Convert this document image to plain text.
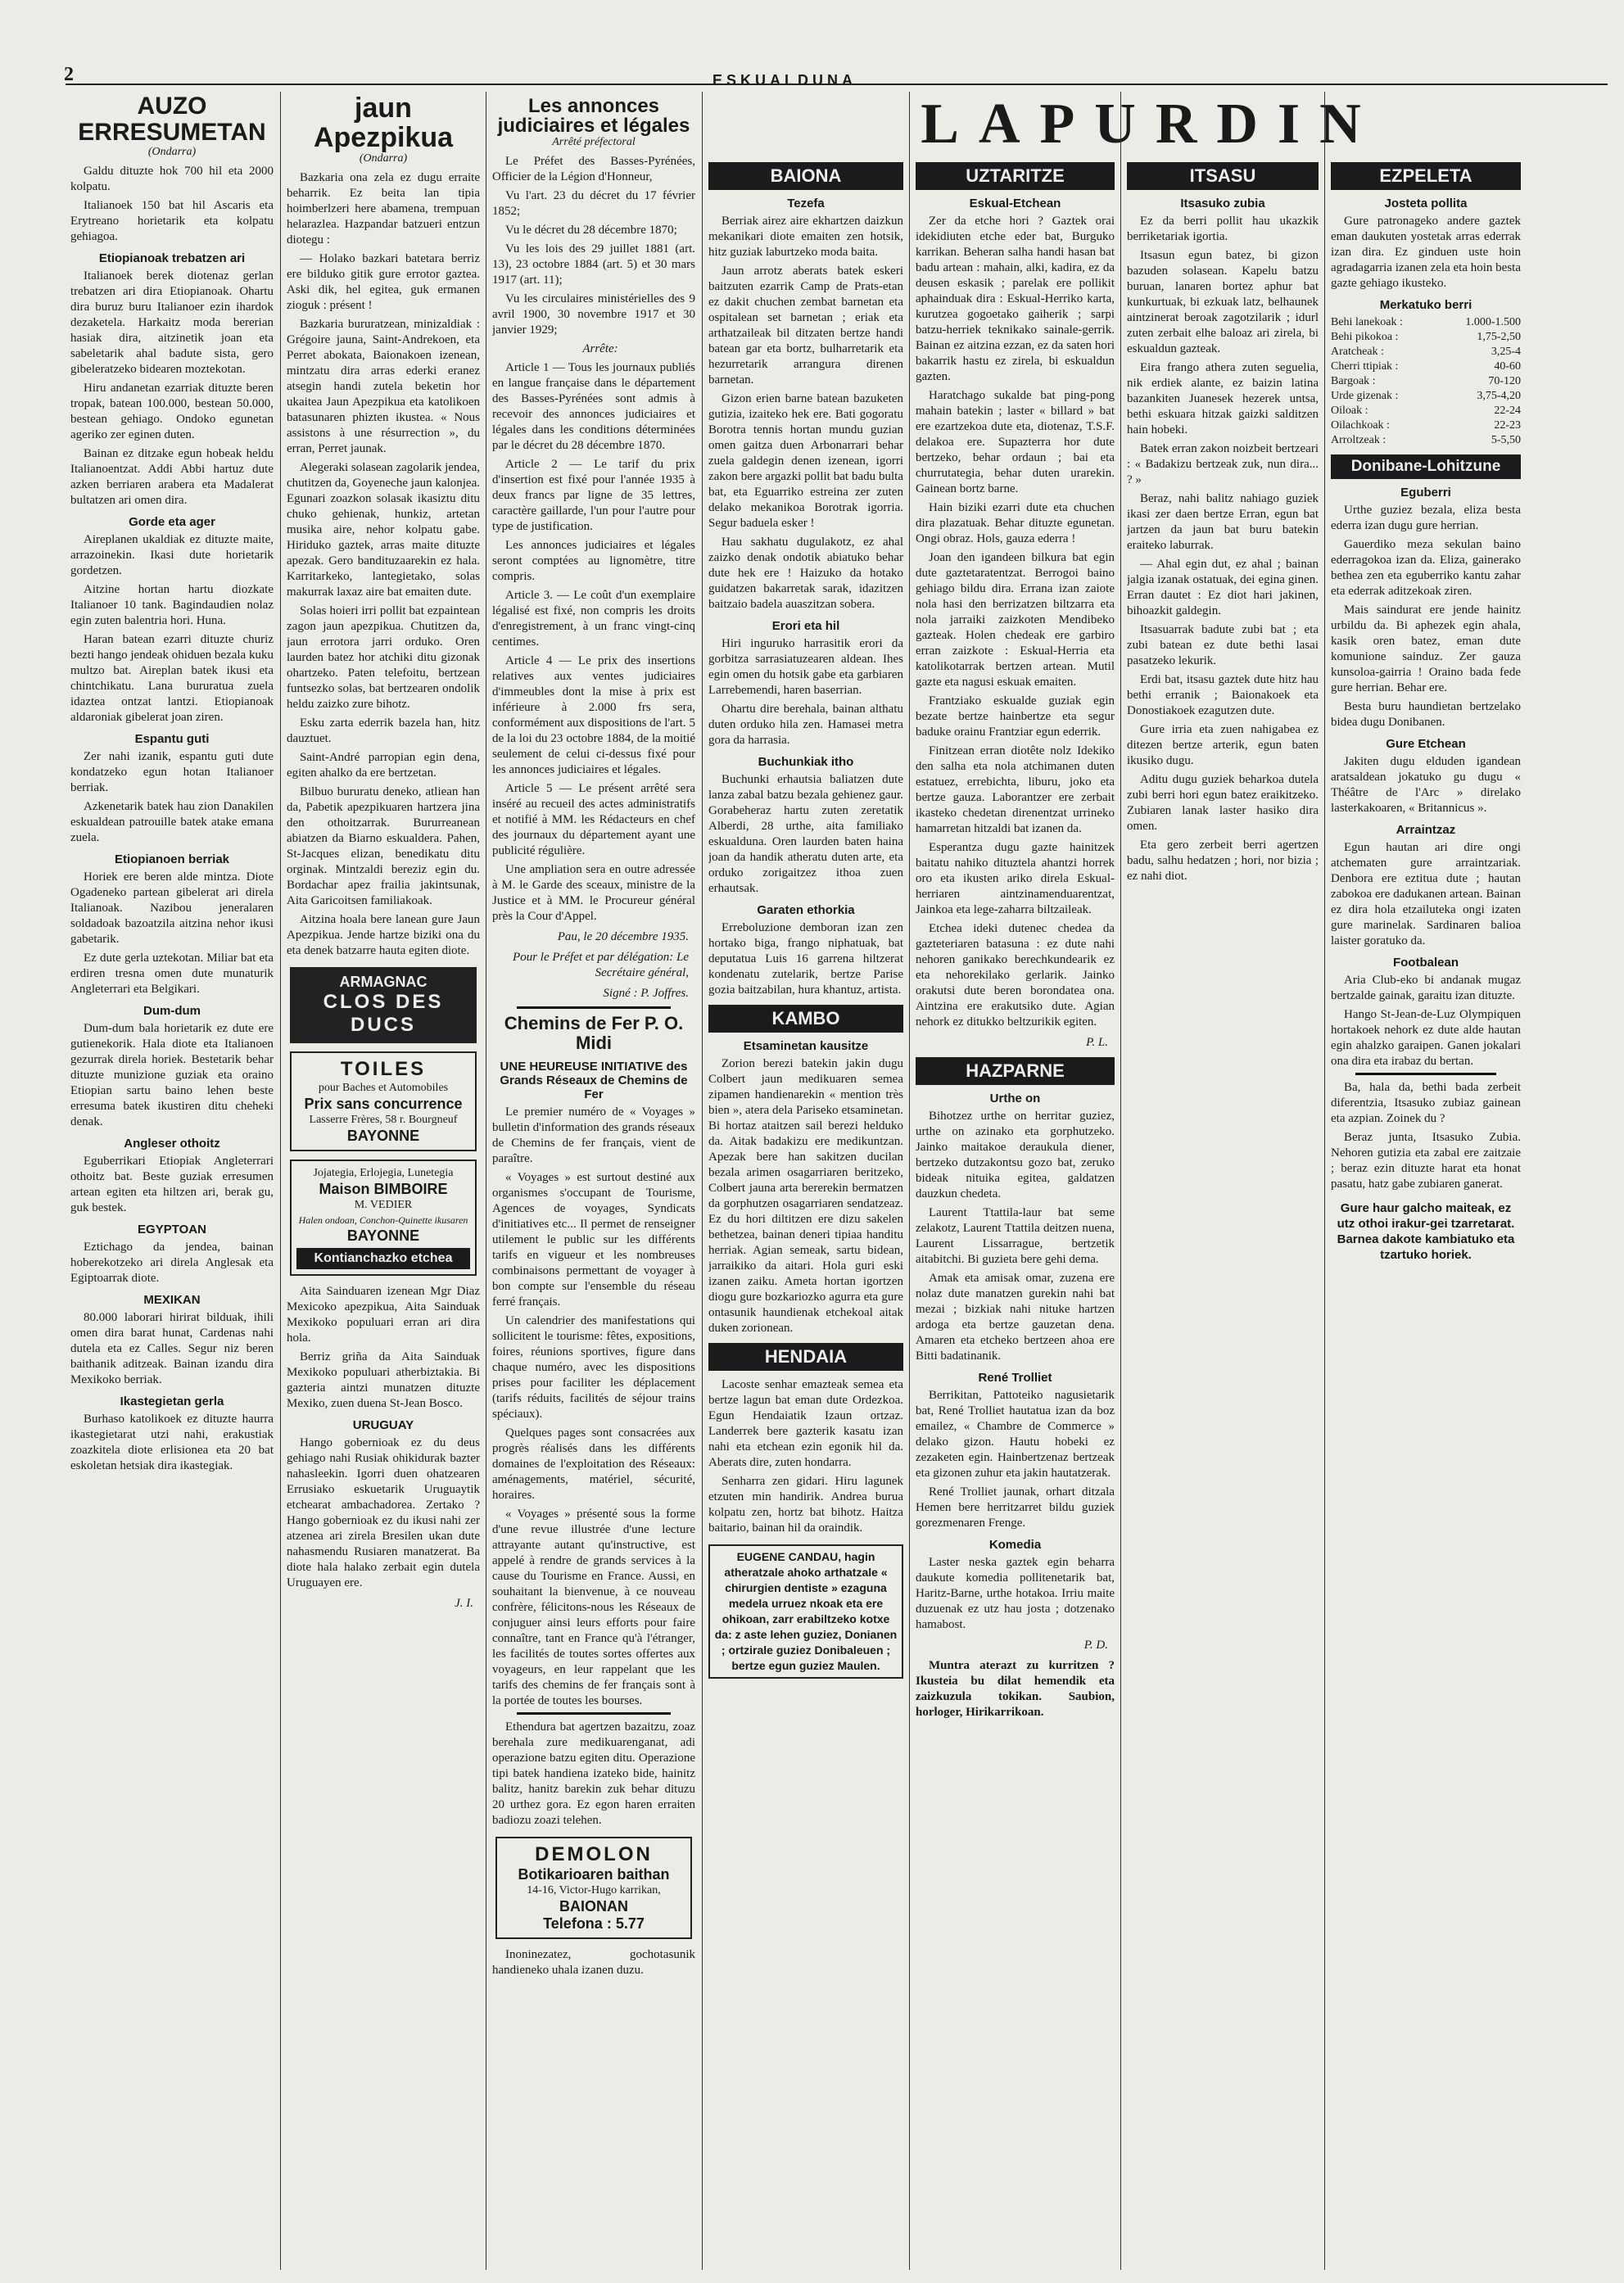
2	ESKUALDUNA
LAPURDIN
AUZO ERRESUMETAN
(Ondarra)

Galdu dituzte hok 700 hil eta 2000 kolpatu.

Italianoek 150 bat hil Ascaris eta Erytreano horietarik eta kolpatu gehiagoa.

Etiopianoak trebatzen ari

Italianoek berek diotenaz gerlan trebatzen ari dira Etiopianoak. Ohartu dira buruz buru Italianoer ezin ihardok dezaketela. Harkaitz moda bererian hasiak dira, aitzinetik joan eta sabeletarik ahal badute sista, gero gibeleratzeko bidearen moztekotan.

Hiru andanetan ezarriak dituzte beren tropak, batean 100.000, bestean 50.000, bestean gehiago. Ondoko egunetan ageriko zer eginen duten.

Bainan ez ditzake egun hobeak heldu Italianoentzat. Addi Abbi hartuz dute azken berriaren arabera eta Madalerat bultatzen ari omen dira.

Gorde eta ager

Aireplanen ukaldiak ez dituzte maite, arrazoinekin. Ikasi dute horietarik gordetzen.

Aitzine hortan hartu diozkate Italianoer 10 tank. Bagindaudien nolaz egin zuten balentria hori. Huna.

Haran batean ezarri dituzte churiz bezti hango jendeak ohiduen bezala kuku multzo bat. Aireplan batek ikusi eta chintchikatu. Lana bururatua zuela idaztea ontzat lantzi. Etiopianoak aldaroniak gibelerat joan ziren.

Espantu guti

Zer nahi izanik, espantu guti dute kondatzeko egun hotan Italianoer berriak.

Azkenetarik batek hau zion Danakilen eskualdean patrouille batek atake emana zuela.

Etiopianoen berriak

Horiek ere beren alde mintza. Diote Ogadeneko partean gibelerat ari direla Italianoak. Nazibou jeneralaren soldadoak bazoatzila aitzina nehor ikusi gabetarik.

Ez dute gerla uztekotan. Miliar bat eta erdiren tresna omen dute munaturik Angleterrari eta Belgikari.

Dum-dum

Dum-dum bala horietarik ez dute ere gutienekorik. Hala diote eta Italianoen gezurrak direla horiek. Bestetarik behar dituzte munizione guziak eta oraino Etiopian sartu baino lehen beste erresuma batek ikustiren ditu cheheki denak.

Angleser othoitz

Eguberrikari Etiopiak Angleterrari othoitz bat. Beste guziak erresumen artean egiten eta hiltzen ari, berak gu, guk bestek.

EGYPTOAN

Eztichago da jendea, bainan hoberekotzeko ari direla Anglesak eta Egiptoarrak diote.

MEXIKAN

80.000 laborari hirirat bilduak, ihili omen dira barat hunat, Cardenas nahi dutela eta ez Calles. Segur niz beren baithanik aditzeak. Bainan izandu dira Mexikoko berriak.

Ikastegietan gerla

Burhaso katolikoek ez dituzte haurra ikastegietarat utzi nahi, erakustiak zoazkitela diote erlisionea eta 20 bat eskoletan hetsiak dira ikastegiak.

jaun Apezpikua
(Ondarra)

Bazkaria ona zela ez dugu erraite beharrik. Ez beita lan tipia hoimberlzeri here abamena, trempuan helarazlea. Hazpandar batzueri entzun diotegu :

— Holako bazkari batetara berriz ere bilduko gitik gure errotor gaztea. Aski dik, hel egitea, guk ermanen zioguk : présent !

Bazkaria bururatzean, minizaldiak : Grégoire jauna, Saint-Andrekoen, eta Perret abokata, Baionakoen izenean, mintzatu dira arras ederki eranez atsegin handi zutela beketin hor ukaitea Jaun Apezpikua eta katolikoen batasunaren phizten ikustea. « Nous assistons à une résurrection », du erran, Perret jaunak.

Alegeraki solasean zagolarik jendea, chutitzen da, Goyeneche jaun kalonjea. Egunari zoazkon solasak ikasiztu ditu chuko gehienak, hunkiz, artetan musika aire, nehor kolpatu gabe. Hiriduko gaztek, arras maite dituzte apezak. Gero bandituzaarekin ez hala. Karritarkeko, lantegietako, solas makurrak laxaz aire bat emaiten dute.

Solas hoieri irri pollit bat ezpaintean zagon jaun apezpikua. Chutitzen da, jaun errotora jarri orduko. Oren laurden batez hor atchiki ditu gizonak ohartzeko. Paten telefoitu, bertzean funtsezko solas, bat bertzearen ondolik heldu zaizko zure bihotz.

Esku zarta ederrik bazela han, hitz dauztuet.

Saint-André parropian egin dena, egiten ahalko da ere bertzetan.

Bilbuo bururatu deneko, atliean han da, Pabetik apezpikuaren hartzera jina den othoitzarrak. Bururreanean abiatzen da Biarno eskualdera. Pahen, St-Jacques elizan, benedikatu ditu orginak. Mintzaldi bereziz egin du. Bordachar apez frailia jakintsunak, Aita Garicoitsen familiakoak.

Aitzina hoala bere lanean gure Jaun Apezpikua. Jende hartze biziki ona du eta denek batzarre hauta egiten diote.

ARMAGNAC
CLOS DES DUCS
TOILES
pour Baches et Automobiles
Prix sans concurrence
Lasserre Frères, 58 r. Bourgneuf
BAYONNE
Jojategia, Erlojegia, Lunetegia
Maison BIMBOIRE
M. VEDIER
Halen ondoan, Conchon-Quinette ikusaren
BAYONNE
Kontianchazko etchea

Aita Sainduaren izenean Mgr Diaz Mexicoko apezpikua, Aita Sainduak Mexikoko populuari erran ari dira hola.

Berriz griña da Aita Sainduak Mexikoko populuari atherbiztakia. Bi gazteria aintzi munatzen dituzte Mexiko, zuen duena St-Jean Bosco.

URUGUAY

Hango gobernioak ez du deus gehiago nahi Rusiak ohikidurak bazter nahasleekin. Igorri duen ohatzearen Errusiako eskuetarik Uruguaytik etchearat ambachadorea. Zertako ? Hango gobernioak ez du ikusi nahi zer atzenea ari zirela Bresilen ukan dute nahasmendu Rusiaren manatzerat. Ba diote hala halako zerbait egin dutela Uruguayen ere.

J. I.
Les annonces judiciaires et légales
Arrêté préfectoral

Le Préfet des Basses-Pyrénées, Officier de la Légion d'Honneur,

Vu l'art. 23 du décret du 17 février 1852;

Vu le décret du 28 décembre 1870;

Vu les lois des 29 juillet 1881 (art. 13), 23 octobre 1884 (art. 5) et 30 mars 1917 (art. 11);

Vu les circulaires ministérielles des 9 avril 1900, 30 novembre 1917 et 30 janvier 1929;

Arrête:

Article 1 — Tous les journaux publiés en langue française dans le département des Basses-Pyrénées sont admis à recevoir des annonces judiciaires et légales dans les conditions déterminées par le décret du 28 décembre 1870.

Article 2 — Le tarif du prix d'insertion est fixé pour l'année 1935 à deux francs par ligne de 35 lettres, caractère gaillarde, l'un pour l'autre pour type de justification.

Les annonces judiciaires et légales seront comptées au lignomètre, titre compris.

Article 3. — Le coût d'un exemplaire légalisé est fixé, non compris les droits d'enregistrement, à un franc vingt-cinq centimes.

Article 4 — Le prix des insertions relatives aux ventes judiciaires d'immeubles dont la mise à prix est inférieure à 2.000 frs sera, conformément aux dispositions de l'art. 5 de la loi du 23 octobre 1884, de la moitié seulement de celui ci-dessus fixé pour les annonces judiciaires et légales.

Article 5 — Le présent arrêté sera inséré au recueil des actes administratifs et notifié à MM. les Rédacteurs en chef des journaux du département ayant une publicité régulière.

Une ampliation sera en outre adressée à M. le Garde des sceaux, ministre de la Justice et à MM. le Procureur général près la Cour d'Appel.

Pau, le 20 décembre 1935.
Pour le Préfet et par délégation: Le Secrétaire général,
Signé : P. Joffres.
Chemins de Fer P. O. Midi
UNE HEUREUSE INITIATIVE des Grands Réseaux de Chemins de Fer

Le premier numéro de « Voyages » bulletin d'information des grands réseaux de Chemins de fer français, vient de paraître.

« Voyages » est surtout destiné aux organismes s'occupant de Tourisme, Agences de voyages, Syndicats d'initiatives etc... Il permet de renseigner utilement le public sur les différents tarifs en vigueur et les nombreuses combinaisons permettant de voyager à bon compte sur l'ensemble du réseau ferré français.

Un calendrier des manifestations qui sollicitent le tourisme: fêtes, expositions, foires, réunions sportives, figure dans chaque numéro, avec les dispositions prises pour faciliter les déplacement (tarifs réduits, facilités de séjour trains spéciaux).

Quelques pages sont consacrées aux progrès réalisés dans les différents domaines de l'exploitation des Réseaux: aménagements, matériel, sécurité, horaires.

« Voyages » présenté sous la forme d'une revue illustrée d'une lecture attrayante autant qu'instructive, est appelé à rendre de grands services à la cause du Tourisme en France. Aussi, en souhaitant la bienvenue, à ce nouveau confrère, félicitons-nous les Réseaux de conjuguer ainsi leurs efforts pour faire connaître, tant en France qu'à l'étranger, les facilités de toutes sortes offertes aux voyageurs, en leur rappelant que les tarifs des chemins de fer français sont à la portée de toutes les bourses.

Ethendura bat agertzen bazaitzu, zoaz berehala zure medikuarenganat, adi operazione batzu egiten ditu. Operazione tipi batek handiena izateko bide, hainitz balitz, hanitz barekin zuk behar dituzu 20 urthez gora. Ez egon haren erraiten badiozu zoazi telehen.

DEMOLON
Botikarioaren baithan
14-16, Victor-Hugo karrikan,
BAIONAN
Telefona : 5.77

Inoninezatez, gochotasunik handieneko uhala izanen duzu.

BAIONA
Tezefa

Berriak airez aire ekhartzen daizkun mekanikari diote emaiten zen hotsik, hitz guziak laburtzeko moda baita.

Jaun arrotz aberats batek eskeri baitzuten ezarrik Camp de Prats-etan ez dakit chuchen zembat barnetan eta ospitalean set barnetan ; eriak eta arthatzaileak bil ditzaten bertze handi batean gar eta bortz, bulharretarik eta hezurretarik arrangura direnen barnetan.

Gizon erien barne batean bazuketen gutizia, izaiteko hek ere. Bati gogoratu Borotra tennis hortan mundu guzian omen gaitza duen Arbonarrari behar zuela galdegin denen izenean, igorri zakon bere argazki pollit bat badu bulta bat, eta Eguarriko estreina zer zuten delako mekanikoa Borotrak igorria. Segur baduela esker !

Hau sakhatu dugulakotz, ez ahal zaizko denak ondotik abiatuko behar dute hek ere ! Haizuko da hotako guidatzen bakarretak sarak, idazitzen baitzaio badela auaszitzan sobera.

Erori eta hil

Hiri inguruko harrasitik erori da gorbitza sarrasiatuzearen aldean. Ihes egin omen du hotsik gabe eta garbiaren Larrebemendi, haren baserrian.

Ohartu dire berehala, bainan althatu duten orduko hila zen. Hamasei metra gora da harrasia.

Buchunkiak itho

Buchunki erhautsia baliatzen dute lanza zabal batzu bezala gehienez gaur. Gorabeheraz hartu zuten zeretatik Alberdi, 28 urthe, aita familiako eskualduna. Oren laurden baten haina joan da handik atheratu duten arte, eta orduko zorigaitzez ithoa zuen erhautsak.

Garaten ethorkia

Erreboluzione demboran izan zen hortako biga, frango niphatuak, bat deputatua Luis 16 garrena hiltzerat kondenatu zutelarik, bertze Parise gozia baitzabilan, hura khantuz, artista.

KAMBO
Etsaminetan kausitze

Zorion berezi batekin jakin dugu Colbert jaun medikuaren semea zipamen handienarekin « mention très bien », atera dela Pariseko etsaminetan. Bi hortaz ataitzen sail berezi helduko da. Aitak badakizu ere medikuntzan. Apezak bere han sakitzen ducilan bezala arimen osagarriaren beritzeko, Colbert jauna arta bererekin bermatzen da gorphutzen osagarriaren sendatzeaz. Ez du hori diltitzen ere dizu sakelen bethetzea, bainan deneri tipiaa handitu herriak. Agian semeak, sartu bidean, jarraikiko da aitari. Hola guri eski izanen zaiku. Ameta hortan igortzen diogu gure bozkariozko agurra eta gure ontasunik haundienak etchekoal aitak duken zorionean.

HENDAIA

Lacoste senhar emazteak semea eta bertze lagun bat eman dute Ordezkoa. Egun Hendaiatik Izaun ortzaz. Landerrek bere gazterik kasatu izan nahi eta etchean ezin egonik hil da. Aberats dire, zuten hondarra.

Senharra zen gidari. Hiru lagunek etzuten min handirik. Andrea burua kolpatu zen, hortz bat bihotz. Haitza baitario, bainan hil da oraindik.

EUGENE CANDAU, hagin atheratzale ahoko arthatzale « chirurgien dentiste » ezaguna medela urruez nkoak eta ere ohikoan, zarr erabiltzeko kotxe da: z aste lehen guziez, Donianen ; ortzirale guziez Donibaleuen ; bertze egun guziez Maulen.
UZTARITZE
Eskual-Etchean

Zer da etche hori ? Gaztek orai idekidiuten etche eder bat, Burguko karrikan. Beheran salha handi hasan bat badu artean : mahain, alki, kadira, ez da deusen eskasik ; parelak ere pollikit aphainduak dira : Eskual-Herriko karta, kurutzea gogoetako gaiherik ; sarpi batzu-herriek teknikako sainale-gerrik. Bainan ez aitzina ezzan, ez da saten hori bakarrik hastu ez zirela, bi eskualdun gazten.

Haratchago sukalde bat ping-pong mahain batekin ; laster « billard » bat ere ezartzekoa dute eta, diotenaz, T.S.F. delakoa ere. Supazterra hor dute bertzeko, behar ordaun ; bai eta churrutategia, behar duten urarekin. Gainean bortz barne.

Hain biziki ezarri dute eta chuchen dira plazatuak. Behar dituzte egunetan. Ongi obraz. Hols, gauza ederra !

Joan den igandeen bilkura bat egin dute gaztetaratentzat. Berrogoi baino gehiago bildu dira. Errana izan zaiote nola hasi den berrizatzen biltzarra eta nola jarraiki zaizkoten Mendibeko gazteak. Holen chedeak ere garbiro erran zaizkote : Eskual-Herria eta katolikotarrak bertzen artean. Mutil gazte eta nagusi eskuak emaiten.

Frantziako eskualde guziak egin bezate bertze hainbertze eta segur baduke orainu Frantziar egun ederrik.

Finitzean erran diotête nolz Idekiko den salha eta nola atchimanen duten estatuez, errebichta, liburu, joko eta bertze gauza. Laborantzer ere zerbait ikasteko chedetan direnentzat urrineko hamarretan hitzaldi bat izanen da.

Esperantza dugu gazte hainitzek baitatu nahiko dituztela ahantzi horrek oro eta ikusten ariko direla Eskual-herriaren aintzinamenduarentzat, Jainkoa eta lege-zaharra biltzaileak.

Etchea ideki dutenec chedea da gazteteriaren batasuna : ez dute nahi nehoren ganikako berechkundearik ez eta nehorekilako gerlarik. Jainko orakutsi dute beren borondatea ona. Aintzina ere erakutsiko dute. Agian nehork ez ditukko beltzurikik egiten.

P. L.
HAZPARNE
Urthe on

Bihotzez urthe on herritar guziez, urthe on azinako eta gorphutzeko. Jainko maitakoe deraukula diener, bertzeko dutzakontsu gozo bat, zeruko bideak nituika egitea, galdatzen dauzkun chedeta.

Laurent Ttattila-laur bat seme zelakotz, Laurent Ttattila deitzen nuena, Laurent Lissarrague, bertzetik aitabitchi. Bi guzieta bere gehi dema.

Amak eta amisak omar, zuzena ere nolaz dute manatzen gurekin nahi bat mezai ; bizkiak nahi nituke hartzen ardoga eta bertze gauzetan dena. Amaren eta etcheko bertzeen ahoa ere Bitti badatinanik.

René Trolliet

Berrikitan, Pattoteiko nagusietarik bat, René Trolliet hautatua izan da boz emailez, « Chambre de Commerce » delako gizon. Hautu hobeki ez zezaketen egin. Hainbertzenaz bertzeak eta gizonen zuhur eta jakin hautatzerak.

René Trolliet jaunak, orhart ditzala Hemen bere herritzarret bildu guziek gorezmenaren Frenge.

Komedia

Laster neska gaztek egin beharra daukute komedia pollitenetarik bat, Haritz-Barne, urthe hotakoa. Irriu maite duzuenak ez utz hau josta ; dotzenako hamabost.

P. D.

Muntra aterazt zu kurritzen ? Ikusteia bu dilat hemendik eta zaizkuzula tokikan. Saubion, horloger, Hirikarrikoan.

ITSASU
Itsasuko zubia

Ez da berri pollit hau ukazkik berriketariak igortia.

Itsasun egun batez, bi gizon bazuden solasean. Kapelu batzu buruan, lanaren bortez aphur bat kunkurtuak, bi ezkuak latz, belhaunek aintzinerat beroak zagotzilarik ; idurl zuten zerbait elhe baloaz ari zirela, bi eskualdun gazteak.

Eira frango athera zuten seguelia, nik erdiek alante, ez baizin latina bazankiten Juanesek hezerek untsa, bethi eskuara hitzak gaizki salditzen hain hobeki.

Batek erran zakon noizbeit bertzeari : « Badakizu bertzeak zuk, nun dira... ? »

Beraz, nahi balitz nahiago guziek ikasi zer daen bertze Erran, egun bat jartzen da jaun bat buru batekin eraiteko laburrak.

— Ahal egin dut, ez ahal ; bainan jalgia izanak ostatuak, dei egina ginen. Erran dautet : Ez diot hari jakinen, bihoazkit galdegin.

Itsasuarrak badute zubi bat ; eta zubi batean ez dute bethi lasai pasatzeko lekurik.

Erdi bat, itsasu gaztek dute hitz hau bethi erranik ; Baionakoek eta Donostiakoek ezagutzen dute.

Gure irria eta zuen nahigabea ez ditezen bertze arterik, egun baten ikusiko dugu.

Aditu dugu guziek beharkoa dutela zubi berri hori egun batez eraikitzeko. Zubiaren lanak laster hasiko dira omen.

Eta gero zerbeit berri agertzen badu, salhu hedatzen ; hori, nor bizia ; ez nahi diot.

EZPELETA
Josteta pollita

Gure patronageko andere gaztek eman daukuten yostetak arras ederrak izan dira. Ez ginduen uste hoin agradagarria izanen zela eta hoin besta gazte gehiago ikusteko.

Merkatuko berri
Behi lanekoak :	1.000-1.500
Behi pikokoa :	1,75-2,50
Aratcheak :	3,25-4
Cherri ttipiak :	40-60
Bargoak :	70-120
Urde gizenak :	3,75-4,20
Oiloak :	22-24
Oilachkoak :	22-23
Arroltzeak :	5-5,50
Donibane-Lohitzune
Eguberri

Urthe guziez bezala, eliza besta ederra izan dugu gure herrian.

Gauerdiko meza sekulan baino ederragokoa izan da. Eliza, gainerako bethea zen eta eguberriko kantu zahar eta ederrak aditzekoak ziren.

Mais saindurat ere jende hainitz urbildu da. Bi aphezek egin ahala, kasik oren batez, eman dute komunione sainduz. Zer gauza kunsoloa-gairria ! Oraino bada fede gure herrian. Behar ere.

Besta buru haundietan bertzelako bidea dugu Donibanen.

Gure Etchean

Jakiten dugu elduden igandean aratsaldean jokatuko gu dugu « Théâtre de l'Arc » direlako lasterkakoaren, « Britannicus ».

Arraintzaz

Egun hautan ari dire ongi atchematen gure arraintzariak. Denbora ere eztitua dute ; hautan zabokoa ere dadukanen artean. Bainan ez dira hola etzailuteka ongi izaten gure marinelak. Sardinaren balioa laister goratuko da.

Footbalean

Aria Club-eko bi andanak mugaz bertzalde gainak, garaitu izan dituzte.

Hango St-Jean-de-Luz Olympiquen hortakoek nehork ez dute alde hautan egin ahalzko garaipen. Ganen jokalari ona dira eta irabaz du bertan.

Ba, hala da, bethi bada zerbeit diferentzia, Itsasuko zubiaz gainean eta azpian. Zoinek du ?

Beraz junta, Itsasuko Zubia. Nehoren gutizia eta zabal ere zaitzaie ; beraz ezin dituzte harat eta honat pasatu, hatz gabe zubiaren ganerat.

Gure haur galcho maiteak, ez utz othoi irakur-gei tzarretarat. Barnea dakote kambiatuko eta tzartuko horiek.
